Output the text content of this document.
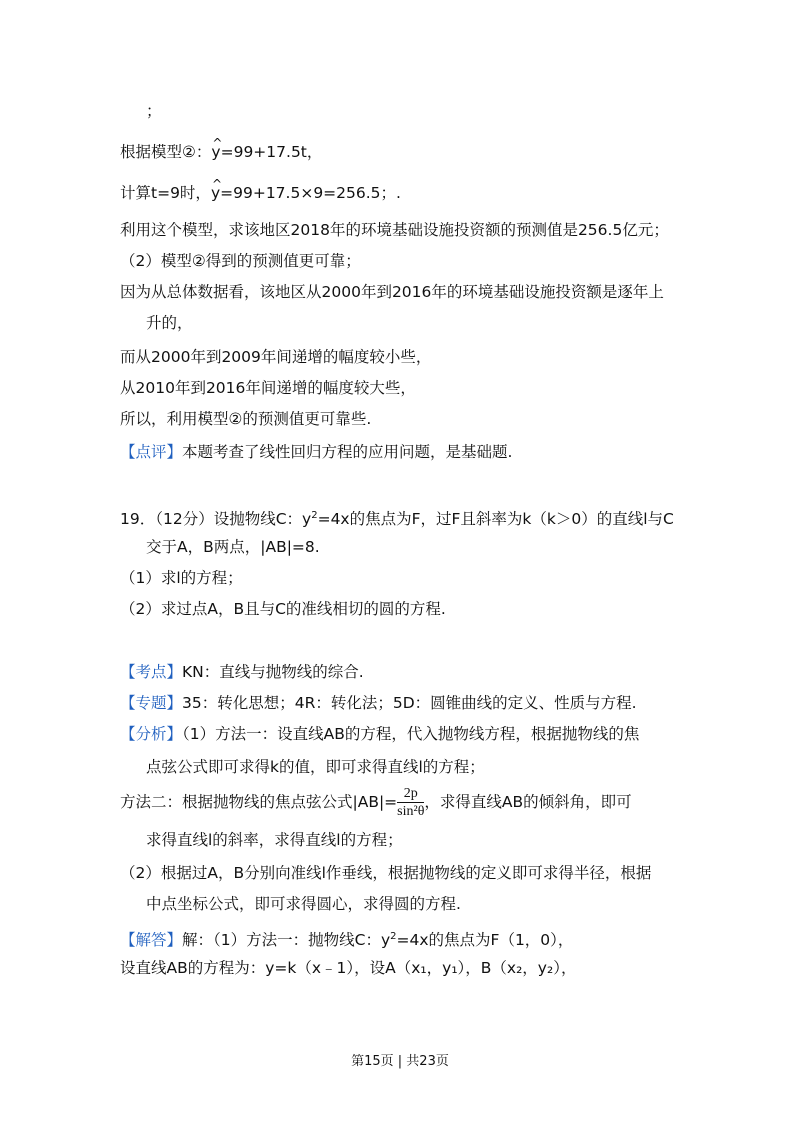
；
根据模型②：^ y=99+17.5t，
计算t=9时，^ y=99+17.5×9=256.5；.
利用这个模型，求该地区2018年的环境基础设施投资额的预测值是256.5亿元；
（2）模型②得到的预测值更可靠；
因为从总体数据看，该地区从2000年到2016年的环境基础设施投资额是逐年上
升的，
而从2000年到2009年间递增的幅度较小些，
从2010年到2016年间递增的幅度较大些，
所以，利用模型②的预测值更可靠些.
【点评】本题考查了线性回归方程的应用问题，是基础题.
19．（12分）设抛物线C：$y^2=4x$的焦点为F，过F且斜率为k（k＞0）的直线l与C
交于A，B两点，|AB|=8.
（1）求l的方程；
（2）求过点A，B且与C的准线相切的圆的方程.
【考点】KN：直线与抛物线的综合.
【专题】35：转化思想；4R：转化法；5D：圆锥曲线的定义、性质与方程.
【分析】（1）方法一：设直线AB的方程，代入抛物线方程，根据抛物线的焦
点弦公式即可求得k的值，即可求得直线l的方程；
方法二：根据抛物线的焦点弦公式$|AB|= \frac{2p}{\text{sin²θ}}$ ，求得直线AB的倾斜角，即可
求得直线l的斜率，求得直线l的方程；
（2）根据过A，B分别向准线l作垂线，根据抛物线的定义即可求得半径，根据
中点坐标公式，即可求得圆心，求得圆的方程.
【解答】解：（1）方法一：抛物线C：$y^2=4x$的焦点为F（1，0），
设直线AB的方程为：y=k（x﹣1），设A（x₁，y₁），B（x₂，y₂），
第15页 | 共23页
